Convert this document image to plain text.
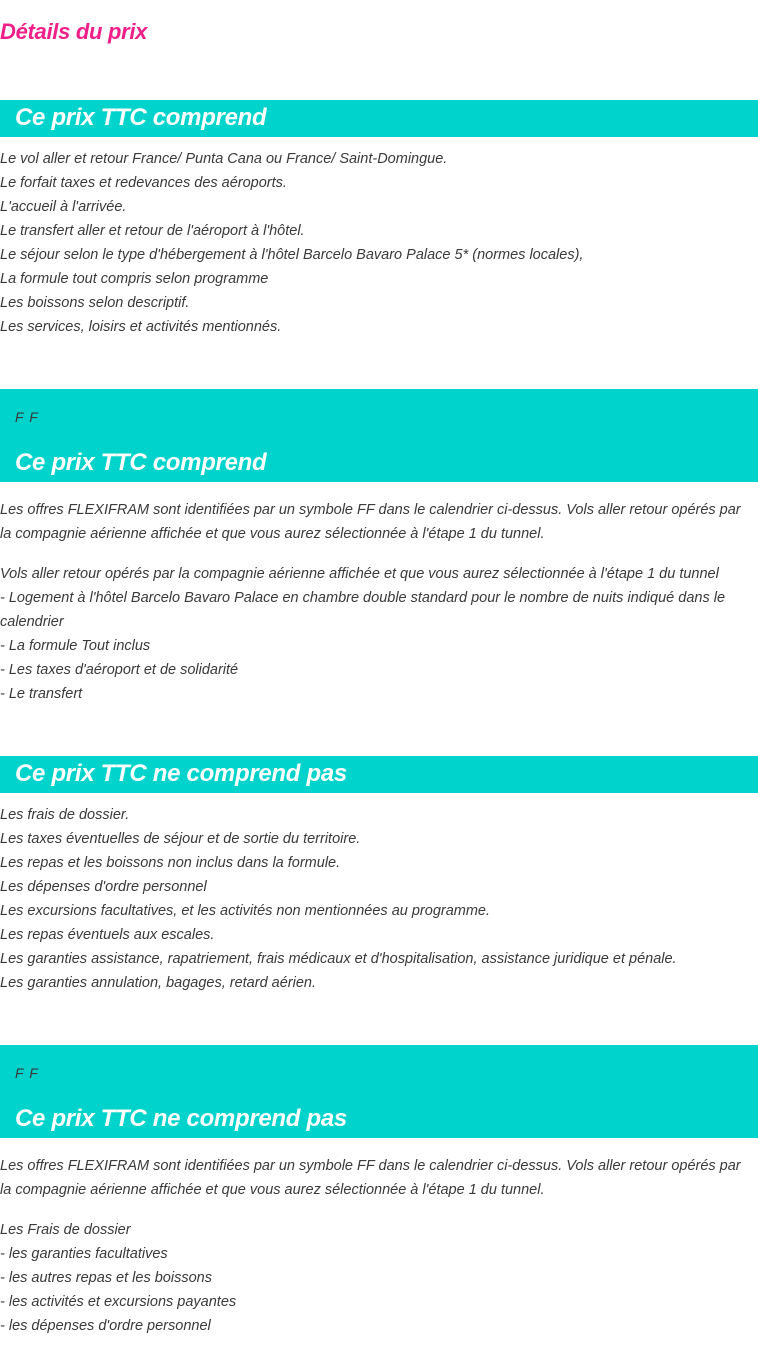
Détails du prix
Ce prix TTC comprend
Le vol aller et retour France/ Punta Cana ou France/ Saint-Domingue.
Le forfait taxes et redevances des aéroports.
L'accueil à l'arrivée.
Le transfert aller et retour de l'aéroport à l'hôtel.
Le séjour selon le type d'hébergement à l'hôtel Barcelo Bavaro Palace 5* (normes locales),
La formule tout compris selon programme
Les boissons selon descriptif.
Les services, loisirs et activités mentionnés.
F F
Ce prix TTC comprend

Les offres FLEXIFRAM sont identifiées par un symbole FF dans le calendrier ci-dessus. Vols aller retour opérés par la compagnie aérienne affichée et que vous aurez sélectionnée à l'étape 1 du tunnel.

Vols aller retour opérés par la compagnie aérienne affichée et que vous aurez sélectionnée à l'étape 1 du tunnel
- Logement à l'hôtel Barcelo Bavaro Palace en chambre double standard pour le nombre de nuits indiqué dans le
calendrier
- La formule Tout inclus
- Les taxes d'aéroport et de solidarité
- Le transfert
Ce prix TTC ne comprend pas
Les frais de dossier.
Les taxes éventuelles de séjour et de sortie du territoire.
Les repas et les boissons non inclus dans la formule.
Les dépenses d'ordre personnel
Les excursions facultatives, et les activités non mentionnées au programme.
Les repas éventuels aux escales.
Les garanties assistance, rapatriement, frais médicaux et d'hospitalisation, assistance juridique et pénale.
Les garanties annulation, bagages, retard aérien.
F F
Ce prix TTC ne comprend pas

Les offres FLEXIFRAM sont identifiées par un symbole FF dans le calendrier ci-dessus. Vols aller retour opérés par la compagnie aérienne affichée et que vous aurez sélectionnée à l'étape 1 du tunnel.

Les Frais de dossier
- les garanties facultatives
- les autres repas et les boissons
- les activités et excursions payantes
- les dépenses d'ordre personnel
